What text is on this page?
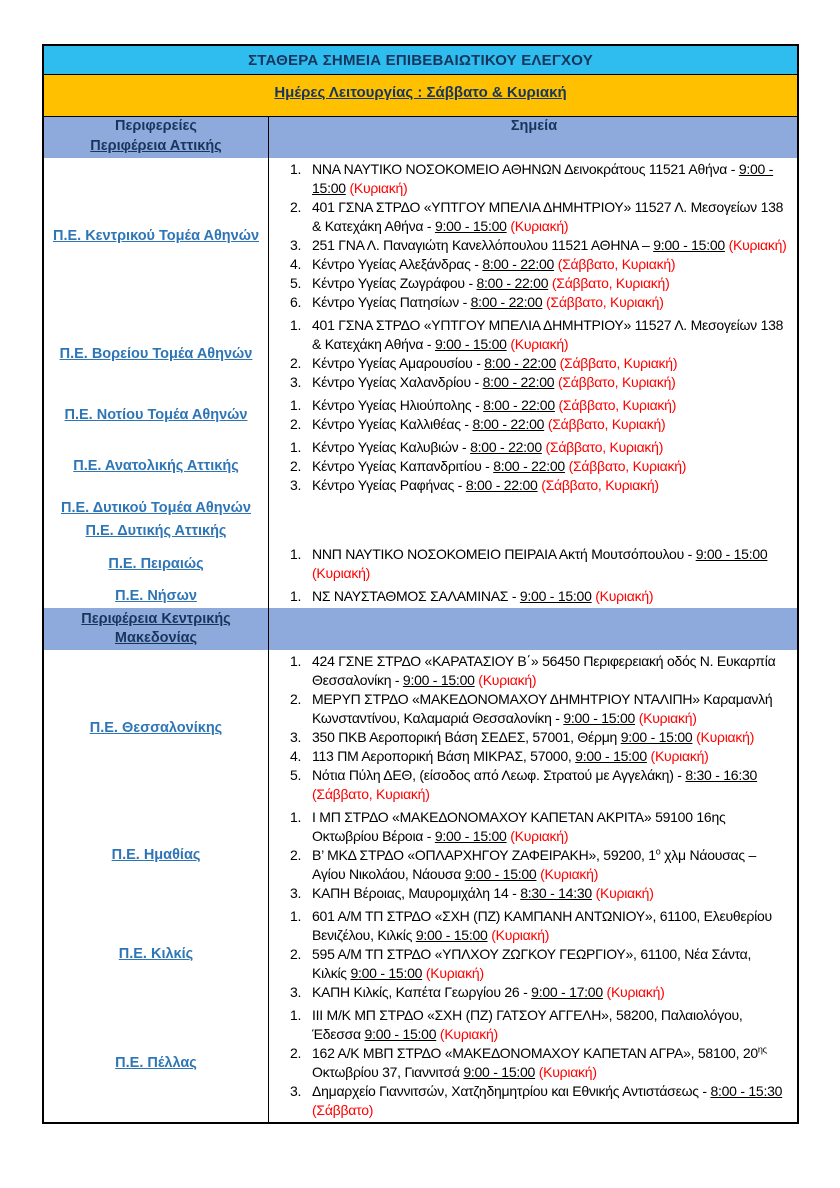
ΣΤΑΘΕΡΑ ΣΗΜΕΙΑ ΕΠΙΒΕΒΑΙΩΤΙΚΟΥ ΕΛΕΓΧΟΥ
Ημέρες Λειτουργίας : Σάββατο & Κυριακή
Περιφερείες	Σημεία
Περιφέρεια Αττικής
Π.Ε. Κεντρικού Τομέα Αθηνών
1. ΝΝΑ ΝΑΥΤΙΚΟ ΝΟΣΟΚΟΜΕΙΟ ΑΘΗΝΩΝ Δεινοκράτους 11521 Αθήνα - 9:00 - 15:00 (Κυριακή)
2. 401 ΓΣΝΑ ΣΤΡΔΟ «ΥΠΤΓΟΥ ΜΠΕΛΙΑ ΔΗΜΗΤΡΙΟΥ» 11527 Λ. Μεσογείων 138 & Κατεχάκη Αθήνα - 9:00 - 15:00 (Κυριακή)
3. 251 ΓΝΑ Λ. Παναγιώτη Κανελλόπουλου 11521 ΑΘΗΝΑ – 9:00 - 15:00 (Κυριακή)
4. Κέντρο Υγείας Αλεξάνδρας - 8:00 - 22:00 (Σάββατο, Κυριακή)
5. Κέντρο Υγείας Ζωγράφου - 8:00 - 22:00 (Σάββατο, Κυριακή)
6. Κέντρο Υγείας Πατησίων - 8:00 - 22:00 (Σάββατο, Κυριακή)
Π.Ε. Βορείου Τομέα Αθηνών
1. 401 ΓΣΝΑ ΣΤΡΔΟ «ΥΠΤΓΟΥ ΜΠΕΛΙΑ ΔΗΜΗΤΡΙΟΥ» 11527 Λ. Μεσογείων 138 & Κατεχάκη Αθήνα - 9:00 - 15:00 (Κυριακή)
2. Κέντρο Υγείας Αμαρουσίου - 8:00 - 22:00 (Σάββατο, Κυριακή)
3. Κέντρο Υγείας Χαλανδρίου - 8:00 - 22:00 (Σάββατο, Κυριακή)
Π.Ε. Νοτίου Τομέα Αθηνών
1. Κέντρο Υγείας Ηλιούπολης - 8:00 - 22:00 (Σάββατο, Κυριακή)
2. Κέντρο Υγείας Καλλιθέας - 8:00 - 22:00 (Σάββατο, Κυριακή)
Π.Ε. Ανατολικής Αττικής
1. Κέντρο Υγείας Καλυβιών - 8:00 - 22:00 (Σάββατο, Κυριακή)
2. Κέντρο Υγείας Καπανδριτίου - 8:00 - 22:00 (Σάββατο, Κυριακή)
3. Κέντρο Υγείας Ραφήνας - 8:00 - 22:00 (Σάββατο, Κυριακή)
Π.Ε. Δυτικού Τομέα Αθηνών
Π.Ε. Δυτικής Αττικής
Π.Ε. Πειραιώς
1. ΝΝΠ ΝΑΥΤΙΚΟ ΝΟΣΟΚΟΜΕΙΟ ΠΕΙΡΑΙΑ Ακτή Μουτσόπουλου - 9:00 - 15:00 (Κυριακή)
Π.Ε. Νήσων	1. ΝΣ ΝΑΥΣΤΑΘΜΟΣ ΣΑΛΑΜΙΝΑΣ - 9:00 - 15:00 (Κυριακή)
Περιφέρεια Κεντρικής Μακεδονίας
Π.Ε. Θεσσαλονίκης
1. 424 ΓΣΝΕ ΣΤΡΔΟ «ΚΑΡΑΤΑΣΙΟΥ Β΄» 56450 Περιφερειακή οδός Ν. Ευκαρπία Θεσσαλονίκη - 9:00 - 15:00 (Κυριακή)
2. ΜΕΡΥΠ ΣΤΡΔΟ «ΜΑΚΕΔΟΝΟΜΑΧΟΥ ΔΗΜΗΤΡΙΟΥ ΝΤΑΛΙΠΗ» Καραμανλή Κωνσταντίνου, Καλαμαριά Θεσσαλονίκη - 9:00 - 15:00 (Κυριακή)
3. 350 ΠΚΒ Αεροπορική Βάση ΣΕΔΕΣ, 57001, Θέρμη 9:00 - 15:00 (Κυριακή)
4. 113 ΠΜ Αεροπορική Βάση ΜΙΚΡΑΣ, 57000, 9:00 - 15:00 (Κυριακή)
5. Νότια Πύλη ΔΕΘ, (είσοδος από Λεωφ. Στρατού με Αγγελάκη) - 8:30 - 16:30 (Σάββατο, Κυριακή)
Π.Ε. Ημαθίας
1. Ι ΜΠ ΣΤΡΔΟ «ΜΑΚΕΔΟΝΟΜΑΧΟΥ ΚΑΠΕΤΑΝ ΑΚΡΙΤΑ» 59100 16ης Οκτωβρίου Βέροια - 9:00 - 15:00 (Κυριακή)
2. Β’ ΜΚΔ ΣΤΡΔΟ «ΟΠΛΑΡΧΗΓΟΥ ΖΑΦΕΙΡΑΚΗ», 59200, $1^o$ χλμ Νάουσας – Αγίου Νικολάου, Νάουσα 9:00 - 15:00 (Κυριακή)
3. ΚΑΠΗ Βέροιας, Μαυρομιχάλη 14 - 8:30 - 14:30 (Κυριακή)
Π.Ε. Κιλκίς
1. 601 Α/Μ ΤΠ ΣΤΡΔΟ «ΣΧΗ (ΠΖ) ΚΑΜΠΑΝΗ ΑΝΤΩΝΙΟΥ», 61100, Ελευθερίου Βενιζέλου, Κιλκίς 9:00 - 15:00 (Κυριακή)
2. 595 Α/Μ ΤΠ ΣΤΡΔΟ «ΥΠΛΧΟΥ ΖΩΓΚΟΥ ΓΕΩΡΓΙΟΥ», 61100, Νέα Σάντα, Κιλκίς 9:00 - 15:00 (Κυριακή)
3. ΚΑΠΗ Κιλκίς, Καπέτα Γεωργίου 26 - 9:00 - 17:00 (Κυριακή)
Π.Ε. Πέλλας
1. ΙΙΙ Μ/Κ ΜΠ ΣΤΡΔΟ «ΣΧΗ (ΠΖ) ΓΑΤΣΟΥ ΑΓΓΕΛΗ», 58200, Παλαιολόγου, Έδεσσα 9:00 - 15:00 (Κυριακή)
2. 162 Α/Κ ΜΒΠ ΣΤΡΔΟ «ΜΑΚΕΔΟΝΟΜΑΧΟΥ ΚΑΠΕΤΑΝ ΑΓΡΑ», 58100, $20^{\eta\varsigma}$ Οκτωβρίου 37, Γιαννιτσά 9:00 - 15:00 (Κυριακή)
3. Δημαρχείο Γιαννιτσών, Χατζηδημητρίου και Εθνικής Αντιστάσεως - 8:00 - 15:30 (Σάββατο)
